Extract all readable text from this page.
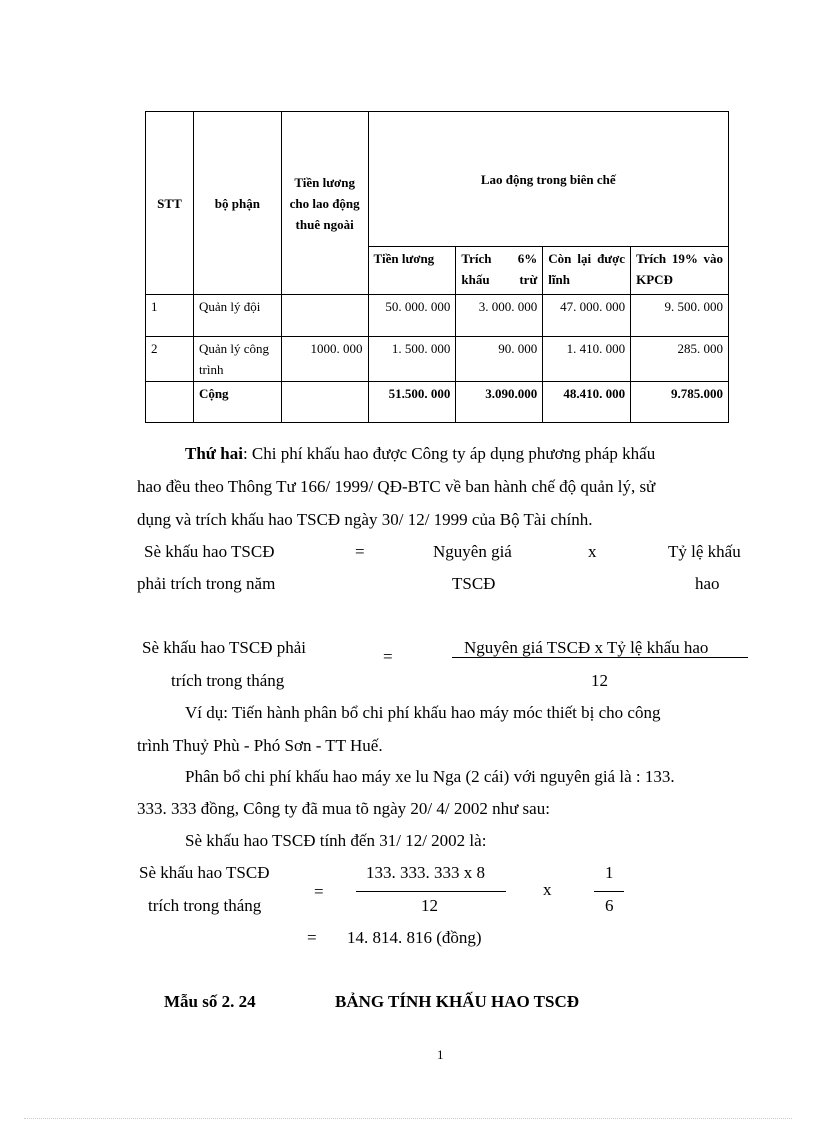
STT	bộ phận	Tiền lương cho lao động thuê ngoài	Lao động trong biên chế			
			Tiền lương	Trích 6% khấu trừ	Còn lại được lĩnh	Trích 19% vào KPCĐ
1	Quản lý đội		50. 000. 000	3. 000. 000	47. 000. 000	9. 500. 000
2	Quản lý công trình	1000. 000	1. 500. 000	90. 000	1. 410. 000	285. 000
	Cộng		51.500. 000	3.090.000	48.410. 000	9.785.000
Thứ hai: Chi phí khấu hao được Công ty áp dụng phương pháp khấu
hao đều theo Thông Tư 166/ 1999/ QĐ-BTC về ban hành chế độ quản lý, sử
dụng và trích khấu hao TSCĐ ngày 30/ 12/ 1999 của Bộ Tài chính.
Sè khấu hao TSCĐ
phải trích trong năm
=	Nguyên giá
TSCĐ
x	Tỷ lệ khấu
hao
Sè khấu hao TSCĐ phải
trích trong tháng
=	Nguyên giá TSCĐ x Tỷ lệ khấu hao
12
Ví dụ: Tiến hành phân bổ chi phí khấu hao máy móc thiết bị cho công
trình Thuỷ Phù - Phó Sơn - TT Huế.
Phân bổ chi phí khấu hao máy xe lu Nga (2 cái) với nguyên giá là : 133.
333. 333 đồng, Công ty đã mua tõ ngày 20/ 4/ 2002 như sau:
Sè khấu hao TSCĐ tính đến 31/ 12/ 2002 là:
Sè khấu hao TSCĐ
trích trong tháng
=
133. 333. 333 x 8
12
x
1
6
= 14. 814. 816 (đồng)
Mẫu số 2. 24	BẢNG TÍNH KHẤU HAO TSCĐ
1
